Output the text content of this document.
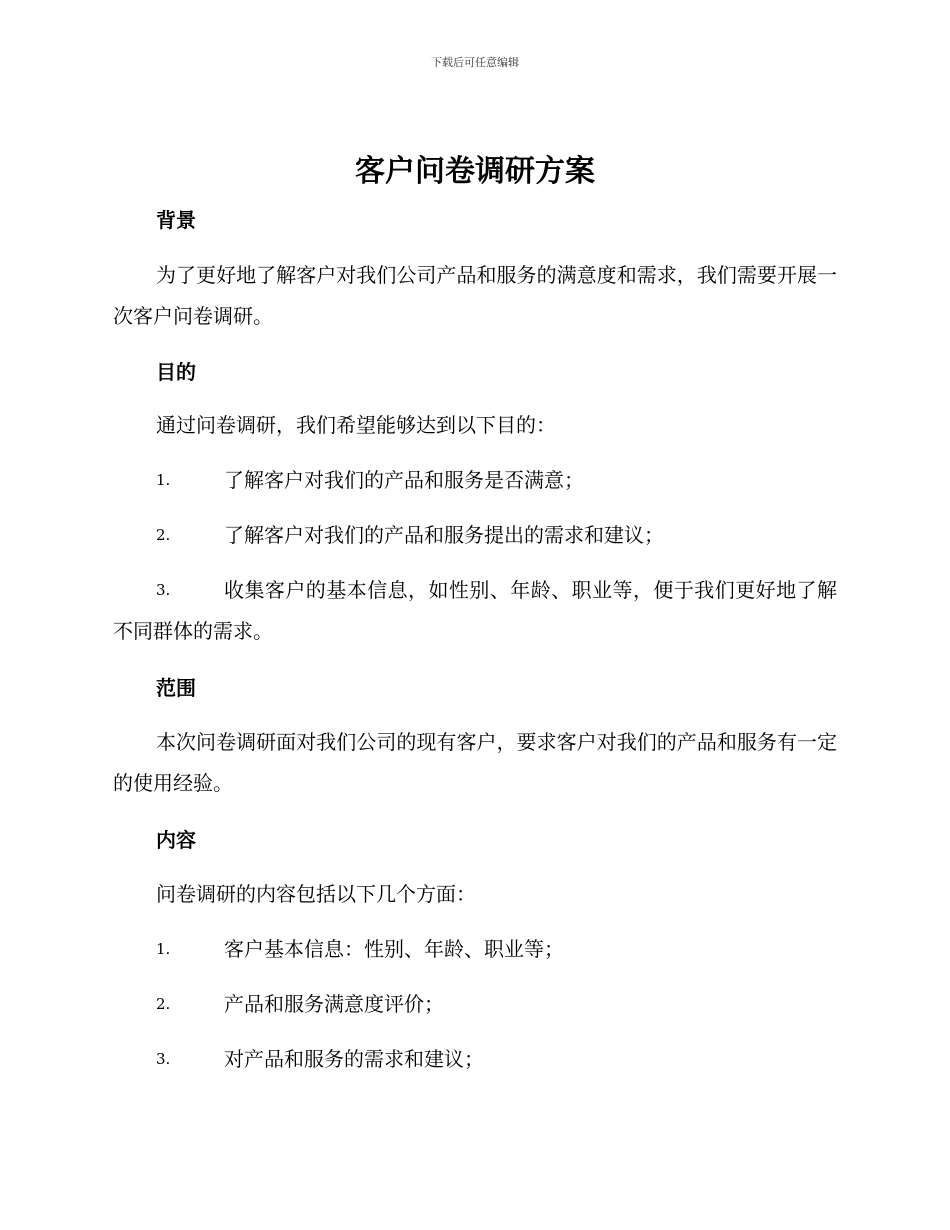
下载后可任意编辑
客户问卷调研方案
背景

为了更好地了解客户对我们公司产品和服务的满意度和需求，我们需要开展一次客户问卷调研。

目的

通过问卷调研，我们希望能够达到以下目的：

1.	了解客户对我们的产品和服务是否满意；
2.	了解客户对我们的产品和服务提出的需求和建议；
3.	收集客户的基本信息，如性别、年龄、职业等，便于我们更好地了解不同群体的需求。
范围

本次问卷调研面对我们公司的现有客户，要求客户对我们的产品和服务有一定的使用经验。

内容

问卷调研的内容包括以下几个方面：

1.	客户基本信息：性别、年龄、职业等；
2.	产品和服务满意度评价；
3.	对产品和服务的需求和建议；
